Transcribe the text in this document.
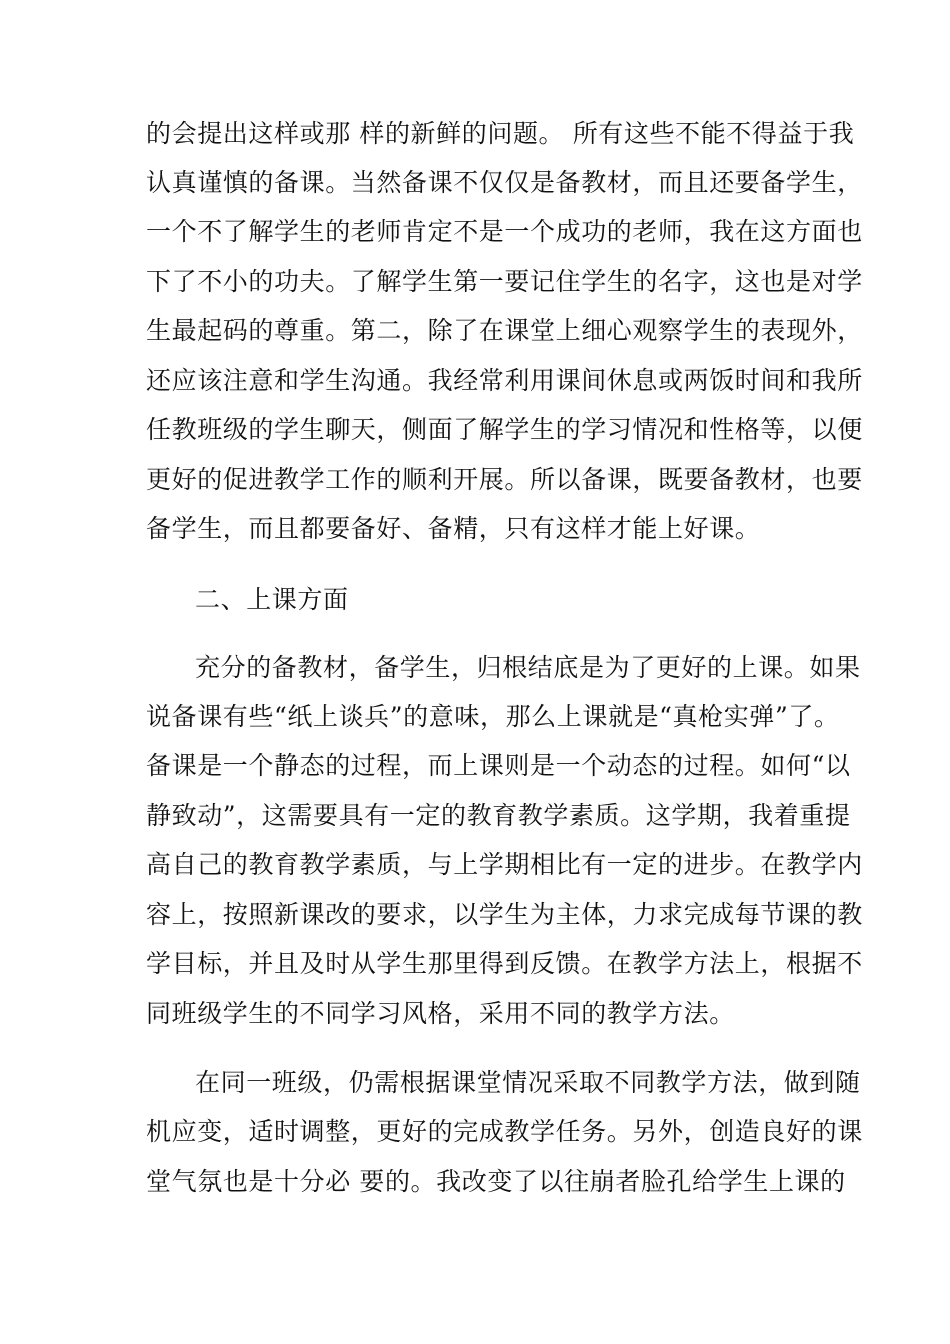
的会提出这样或那 样的新鲜的问题。 所有这些不能不得益于我
认真谨慎的备课。当然备课不仅仅是备教材，而且还要备学生，
一个不了解学生的老师肯定不是一个成功的老师，我在这方面也
下了不小的功夫。了解学生第一要记住学生的名字，这也是对学
生最起码的尊重。第二，除了在课堂上细心观察学生的表现外，
还应该注意和学生沟通。我经常利用课间休息或两饭时间和我所
任教班级的学生聊天，侧面了解学生的学习情况和性格等，以便
更好的促进教学工作的顺利开展。所以备课，既要备教材，也要
备学生，而且都要备好、备精，只有这样才能上好课。
二、上课方面
充分的备教材，备学生，归根结底是为了更好的上课。如果
说备课有些“纸上谈兵”的意味，那么上课就是“真枪实弹”了。
备课是一个静态的过程，而上课则是一个动态的过程。如何“以
静致动”，这需要具有一定的教育教学素质。这学期，我着重提
高自己的教育教学素质，与上学期相比有一定的进步。在教学内
容上，按照新课改的要求，以学生为主体，力求完成每节课的教
学目标，并且及时从学生那里得到反馈。在教学方法上，根据不
同班级学生的不同学习风格，采用不同的教学方法。
在同一班级，仍需根据课堂情况采取不同教学方法，做到随
机应变，适时调整，更好的完成教学任务。另外，创造良好的课
堂气氛也是十分必 要的。我改变了以往崩者脸孔给学生上课的
